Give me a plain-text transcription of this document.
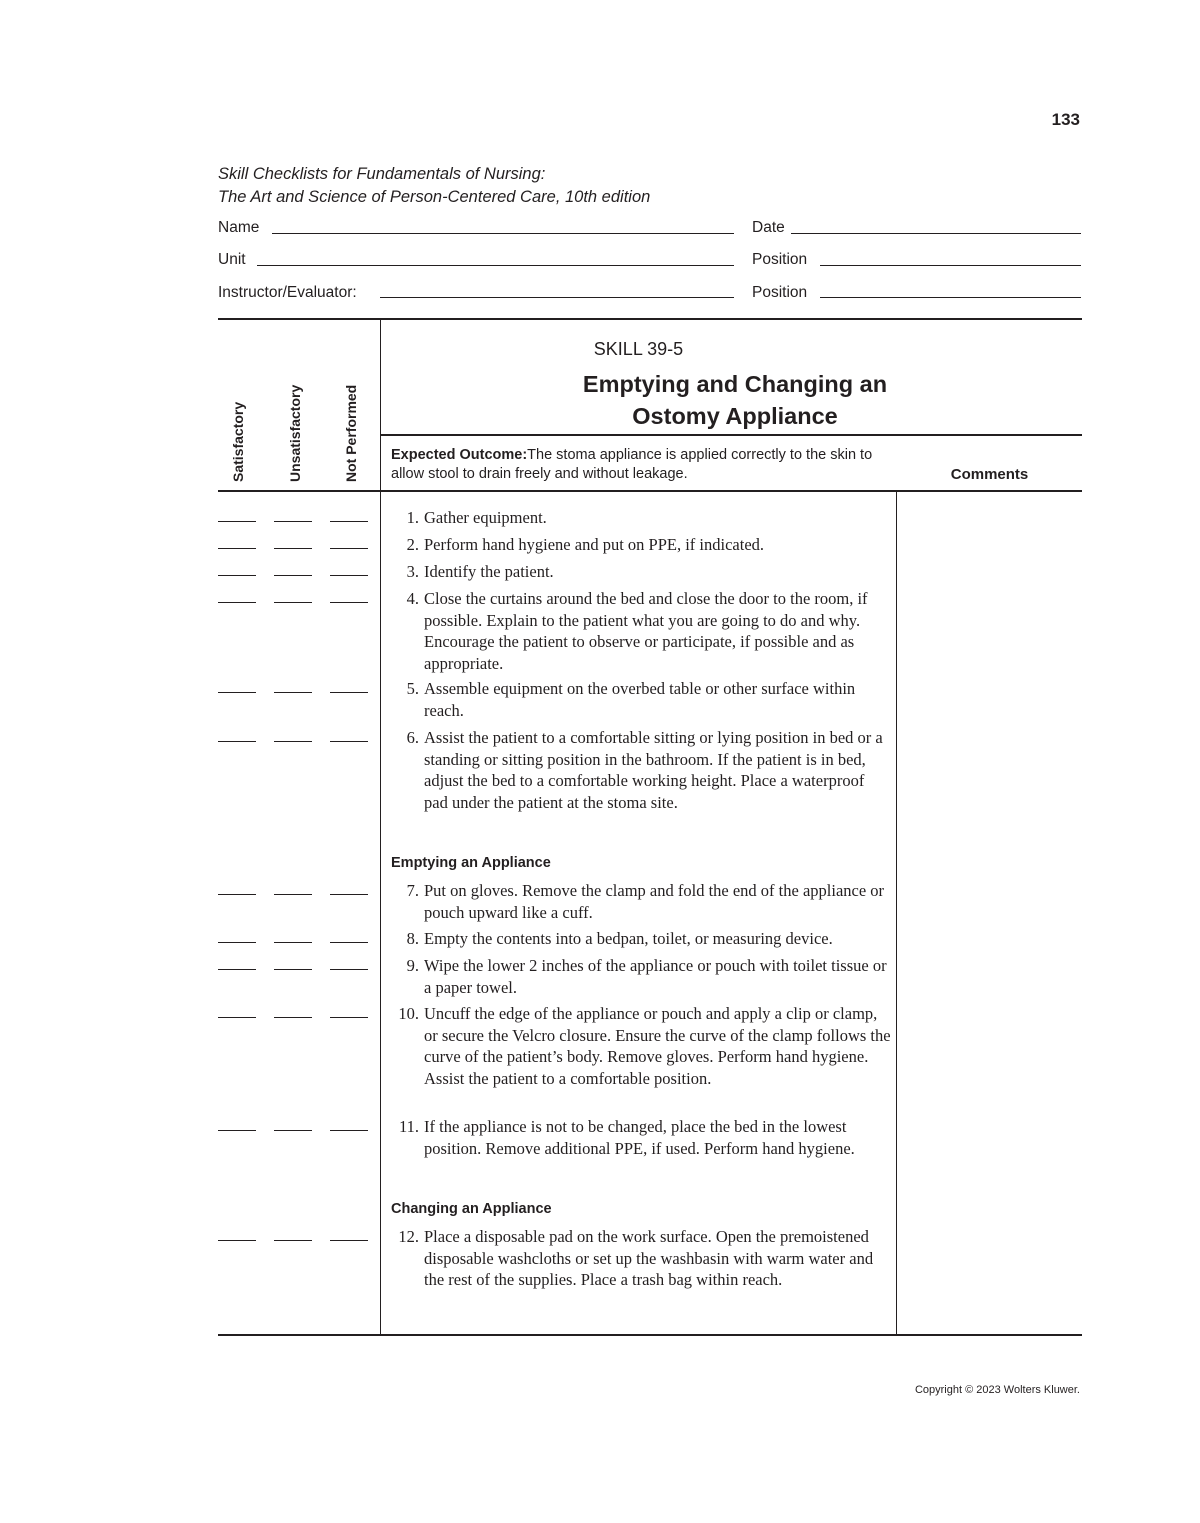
133
Skill Checklists for Fundamentals of Nursing:
The Art and Science of Person-Centered Care, 10th edition
Name	Date
Unit	Position
Instructor/Evaluator:	Position
Satisfactory	Unsatisfactory	Not Performed
SKILL 39-5
Emptying and Changing an
Ostomy Appliance
Expected Outcome:The stoma appliance is applied correctly to the skin to allow stool to drain freely and without leakage.	Comments
1. Gather equipment.
2. Perform hand hygiene and put on PPE, if indicated.
3. Identify the patient.
4. Close the curtains around the bed and close the door to the room, if possible. Explain to the patient what you are going to do and why. Encourage the patient to observe or participate, if possible and as appropriate.
5. Assemble equipment on the overbed table or other surface within reach.
6. Assist the patient to a comfortable sitting or lying position in bed or a standing or sitting position in the bathroom. If the patient is in bed, adjust the bed to a comfortable working height. Place a waterproof pad under the patient at the stoma site.
Emptying an Appliance
7. Put on gloves. Remove the clamp and fold the end of the appliance or pouch upward like a cuff.
8. Empty the contents into a bedpan, toilet, or measuring device.
9. Wipe the lower 2 inches of the appliance or pouch with toilet tissue or a paper towel.
10. Uncuff the edge of the appliance or pouch and apply a clip or clamp, or secure the Velcro closure. Ensure the curve of the clamp follows the curve of the patient’s body. Remove gloves. Perform hand hygiene. Assist the patient to a comfortable position.
11. If the appliance is not to be changed, place the bed in the lowest position. Remove additional PPE, if used. Perform hand hygiene.
Changing an Appliance
12. Place a disposable pad on the work surface. Open the premoistened disposable washcloths or set up the washbasin with warm water and the rest of the supplies. Place a trash bag within reach.
Copyright © 2023 Wolters Kluwer.
